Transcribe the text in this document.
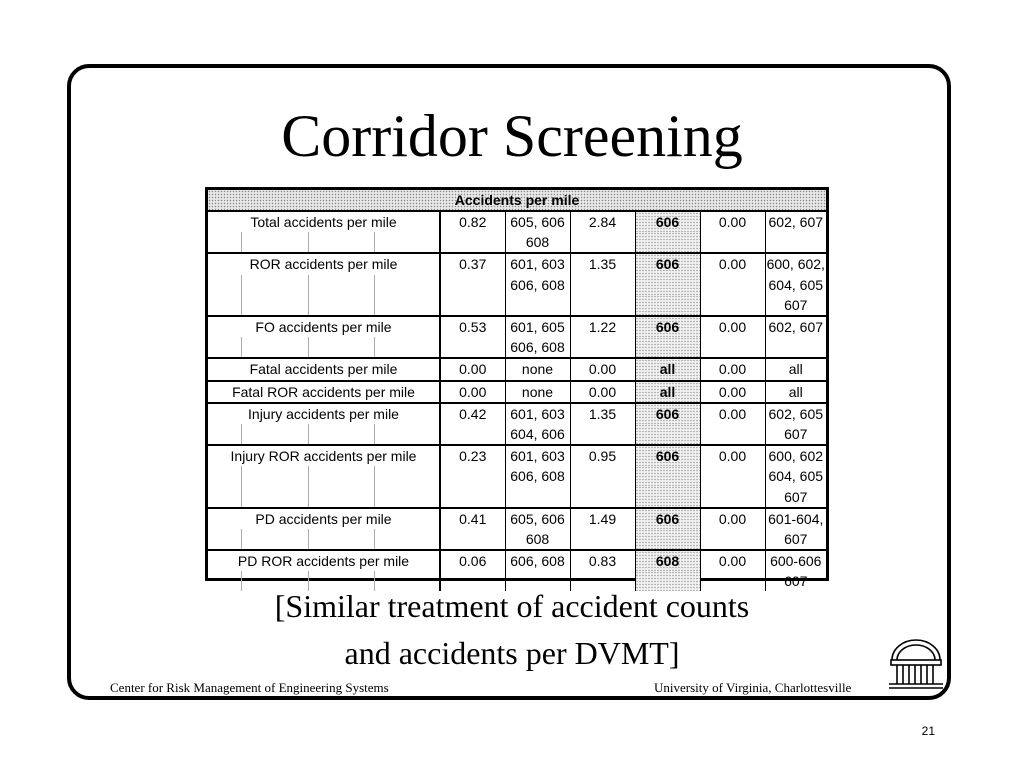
Corridor Screening
Accidents per mile						
Total accidents per mile	0.82	605, 606	2.84	606	0.00	602, 607

		608				
ROR accidents per mile	0.37	601, 603	1.35	606	0.00	600, 602,

		606, 608				604, 605

						607
FO accidents per mile	0.53	601, 605	1.22	606	0.00	602, 607

		606, 608				
Fatal accidents per mile	0.00	none	0.00	all	0.00	all
Fatal ROR accidents per mile	0.00	none	0.00	all	0.00	all
Injury accidents per mile	0.42	601, 603	1.35	606	0.00	602, 605

		604, 606				607
Injury ROR accidents per mile	0.23	601, 603	0.95	606	0.00	600, 602

		606, 608				604, 605

						607
PD accidents per mile	0.41	605, 606	1.49	606	0.00	601-604,

		608				607
PD ROR accidents per mile	0.06	606, 608	0.83	608	0.00	600-606

						607
[Similar treatment of accident counts
and accidents per DVMT]
Center for Risk Management of Engineering Systems	University of Virginia, Charlottesville
21
